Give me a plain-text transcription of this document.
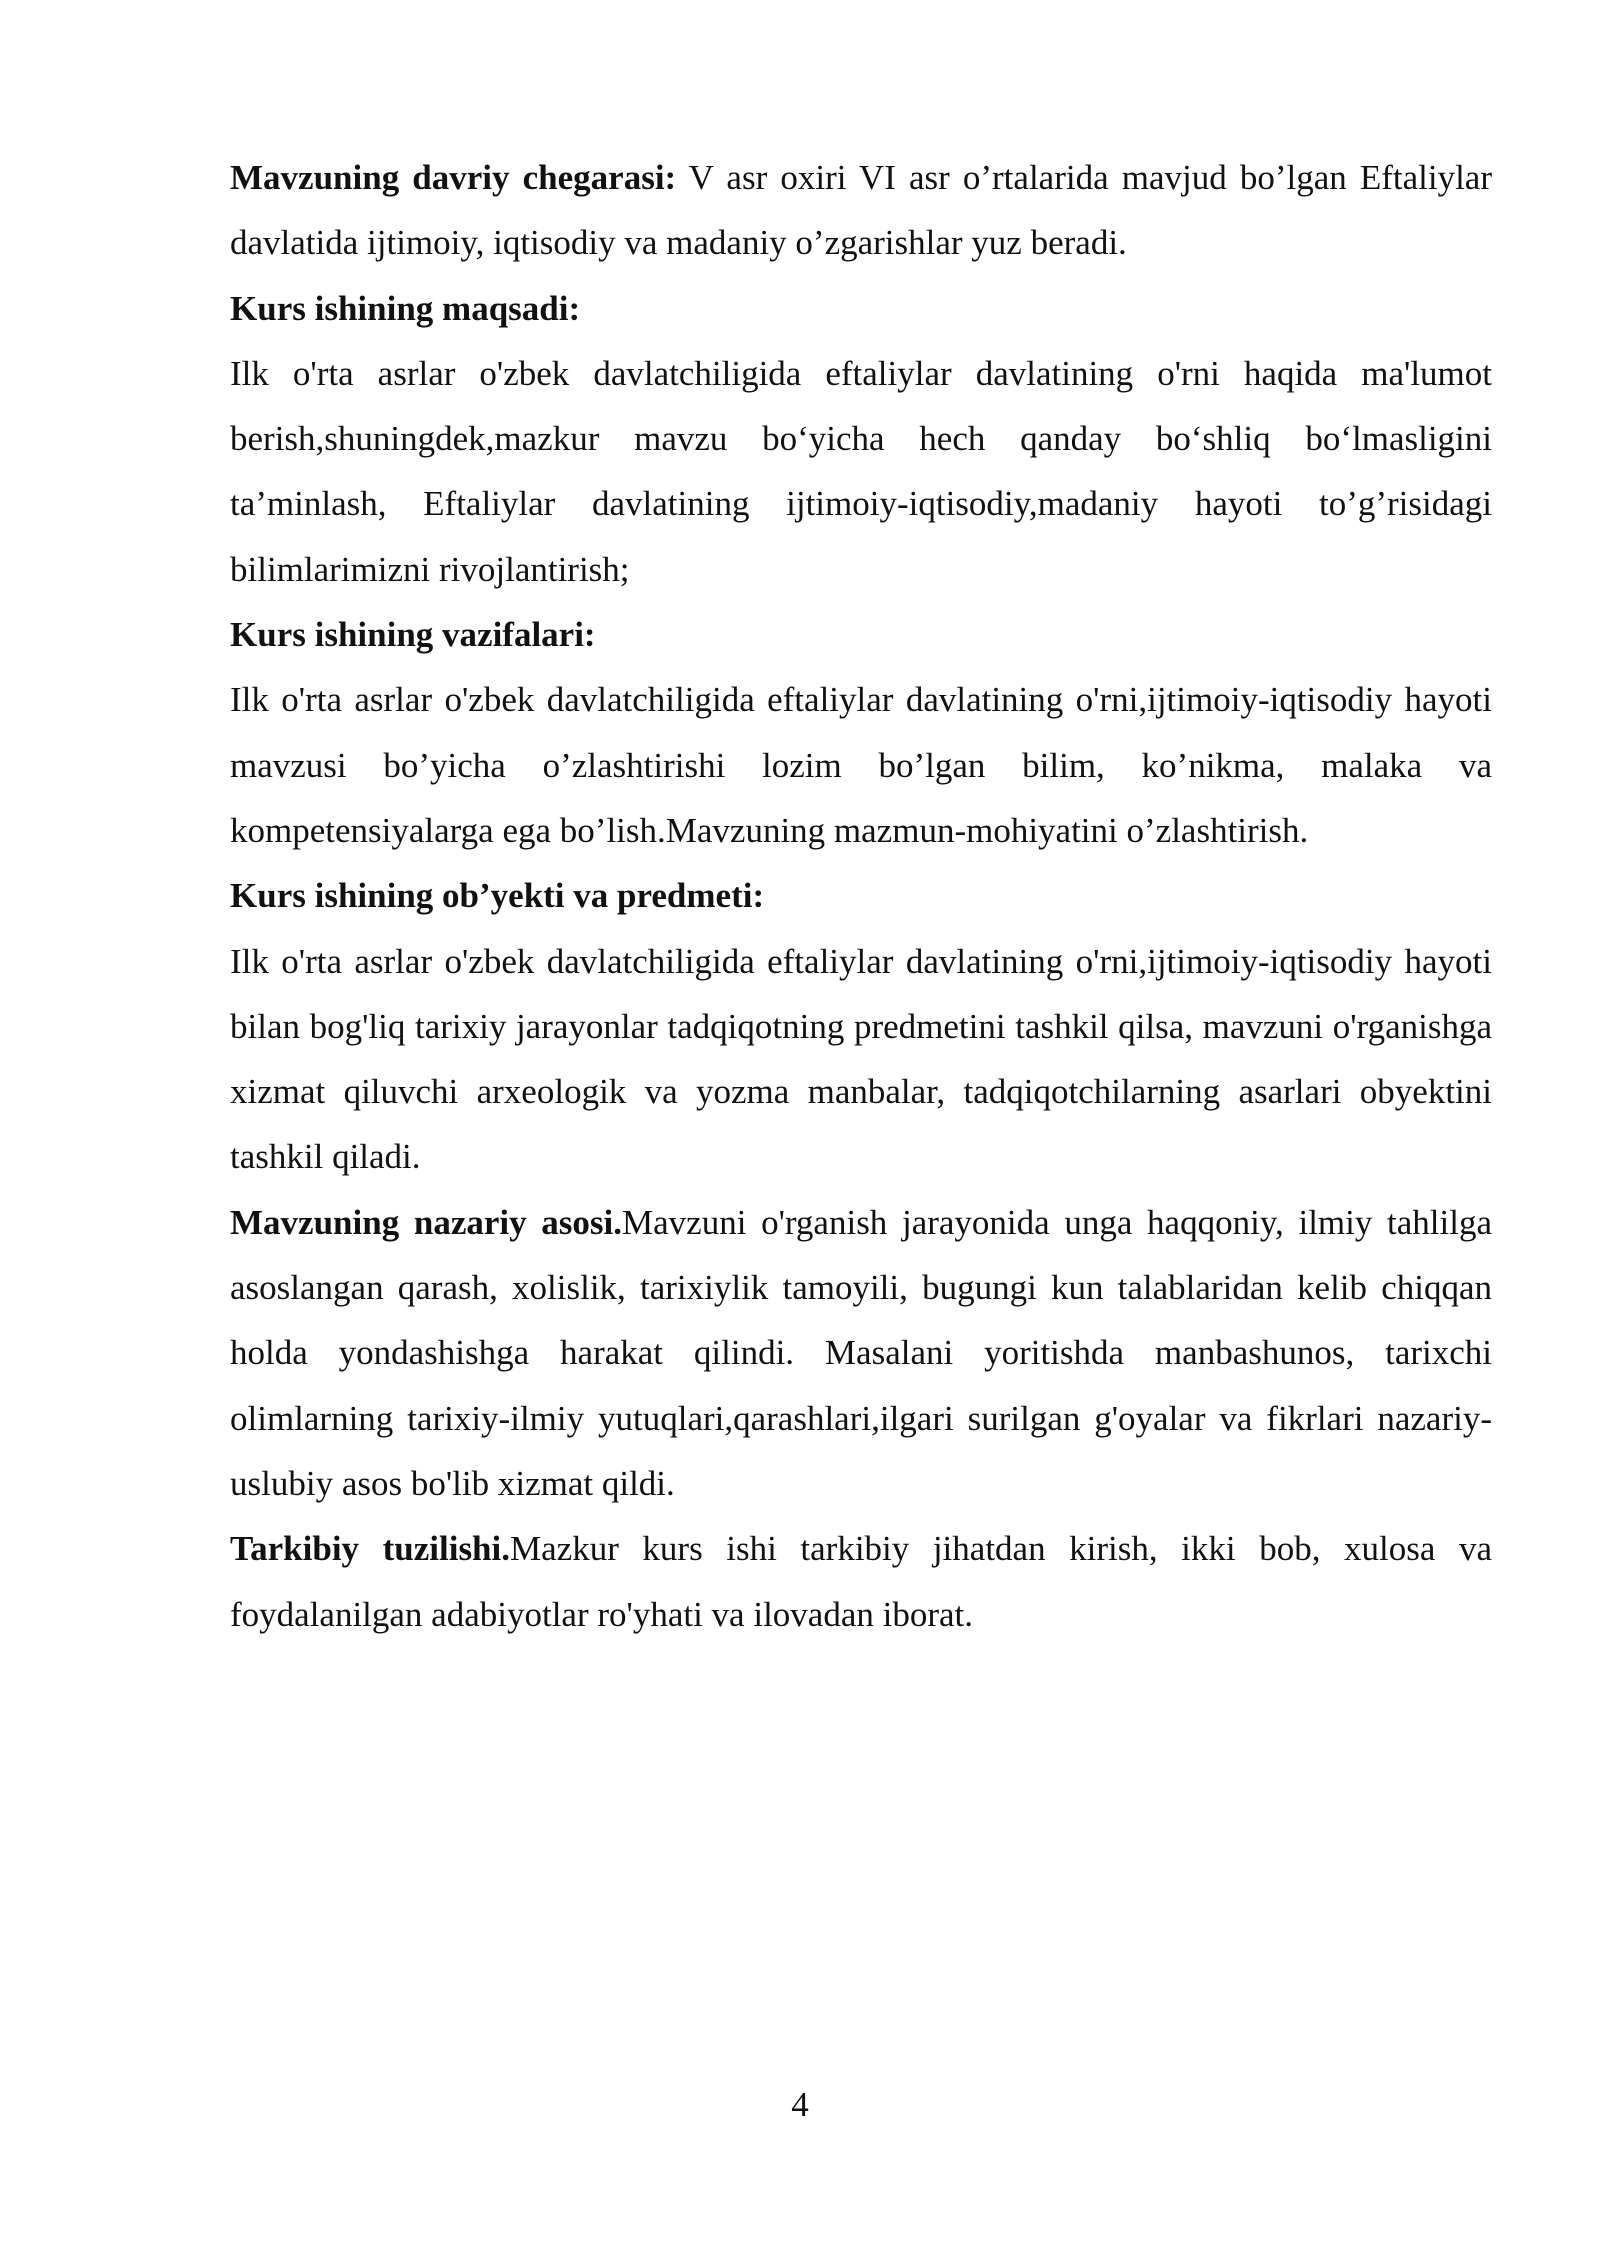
Mavzuning davriy chegarasi: V asr oxiri VI asr o’rtalarida mavjud bo’lgan Eftaliylar davlatida ijtimoiy, iqtisodiy va madaniy o’zgarishlar yuz beradi.

Kurs ishining maqsadi:

Ilk o'rta asrlar o'zbek davlatchiligida eftaliylar davlatining o'rni haqida ma'lumot berish,shuningdek,mazkur mavzu bo‘yicha hech qanday bo‘shliq bo‘lmasligini ta’minlash, Eftaliylar davlatining ijtimoiy-iqtisodiy,madaniy hayoti to’g’risidagi bilimlarimizni rivojlantirish;

Kurs ishining vazifalari:

Ilk o'rta asrlar o'zbek davlatchiligida eftaliylar davlatining o'rni,ijtimoiy-iqtisodiy hayoti mavzusi bo’yicha o’zlashtirishi lozim bo’lgan bilim, ko’nikma, malaka va kompetensiyalarga ega bo’lish.Mavzuning mazmun-mohiyatini o’zlashtirish.

Kurs ishining ob’yekti va predmeti:

Ilk o'rta asrlar o'zbek davlatchiligida eftaliylar davlatining o'rni,ijtimoiy-iqtisodiy hayoti bilan bog'liq tarixiy jarayonlar tadqiqotning predmetini tashkil qilsa, mavzuni o'rganishga xizmat qiluvchi arxeologik va yozma manbalar, tadqiqotchilarning asarlari obyektini tashkil qiladi.

Mavzuning nazariy asosi.Mavzuni o'rganish jarayonida unga haqqoniy, ilmiy tahlilga asoslangan qarash, xolislik, tarixiylik tamoyili, bugungi kun talablaridan kelib chiqqan holda yondashishga harakat qilindi. Masalani yoritishda manbashunos, tarixchi olimlarning tarixiy-ilmiy yutuqlari,qarashlari,ilgari surilgan g'oyalar va fikrlari nazariy- uslubiy asos bo'lib xizmat qildi.

Tarkibiy tuzilishi.Mazkur kurs ishi tarkibiy jihatdan kirish, ikki bob, xulosa va foydalanilgan adabiyotlar ro'yhati va ilovadan iborat.

4
